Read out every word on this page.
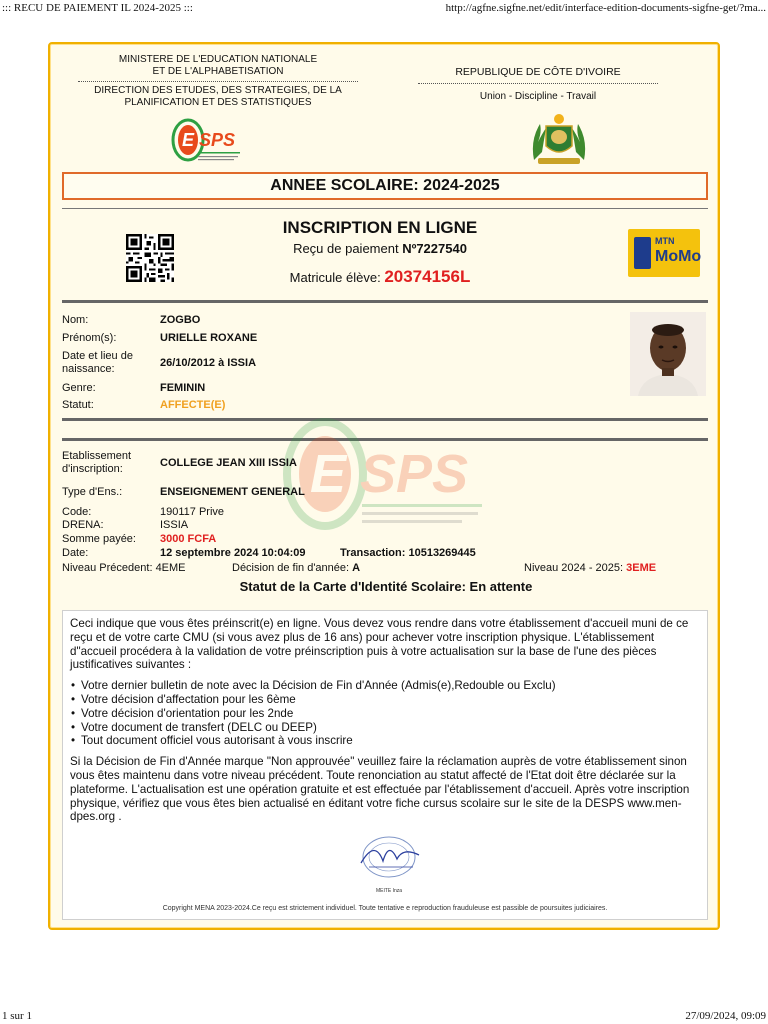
::: RECU DE PAIEMENT IL 2024-2025 :::	http://agfne.sigfne.net/edit/interface-edition-documents-sigfne-get/?ma...
MINISTERE DE L'EDUCATION NATIONALE
ET DE L'ALPHABETISATION
DIRECTION DES ETUDES, DES STRATEGIES, DE LA
PLANIFICATION ET DES STATISTIQUES
REPUBLIQUE DE CÔTE D'IVOIRE
Union - Discipline - Travail
E SPS
ANNEE SCOLAIRE: 2024-2025
INSCRIPTION EN LIGNE
Reçu de paiement Nº7227540
Matricule élève: 20374156L
MTN
MoMo
Nom:	ZOGBO
Prénom(s):	URIELLE ROXANE
Date et lieu de
naissance:	26/10/2012 à ISSIA
Genre:	FEMININ
Statut:	AFFECTE(E)
E SPS
Etablissement
d'inscription:	COLLEGE JEAN XIII ISSIA
Type d'Ens.:	ENSEIGNEMENT GENERAL
Code:	190117 Prive
DRENA:	ISSIA
Somme payée: 3000 FCFA
Date:	12 septembre 2024 10:04:09	Transaction: 10513269445
Niveau Précedent: 4EME	Décision de fin d'année: A	Niveau 2024 - 2025: 3EME
Statut de la Carte d'Identité Scolaire: En attente

Ceci indique que vous êtes préinscrit(e) en ligne. Vous devez vous rendre dans votre établissement d'accueil muni de ce reçu et de votre carte CMU (si vous avez plus de 16 ans) pour achever votre inscription physique. L'établissement d"accueil procédera à la validation de votre préinscription puis à votre actualisation sur la base de l'une des pièces justificatives suivantes :

• Votre dernier bulletin de note avec la Décision de Fin d'Année (Admis(e),Redouble ou Exclu)
• Votre décision d'affectation pour les 6ème
• Votre décision d'orientation pour les 2nde
• Votre document de transfert (DELC ou DEEP)
• Tout document officiel vous autorisant à vous inscrire

Si la Décision de Fin d'Année marque "Non approuvée" veuillez faire la réclamation auprès de votre établissement sinon vous êtes maintenu dans votre niveau précédent. Toute renonciation au statut affecté de l'Etat doit être déclarée sur la plateforme. L'actualisation est une opération gratuite et est effectuée par l'établissement d'accueil. Après votre inscription physique, vérifiez que vous êtes bien actualisé en éditant votre fiche cursus scolaire sur le site de la DESPS www.men-dpes.org .

MEITE Inza
Copyright MENA 2023-2024.Ce reçu est strictement individuel. Toute tentative e reproduction frauduleuse est passible de poursuites judiciaires.
1 sur 1	27/09/2024, 09:09
